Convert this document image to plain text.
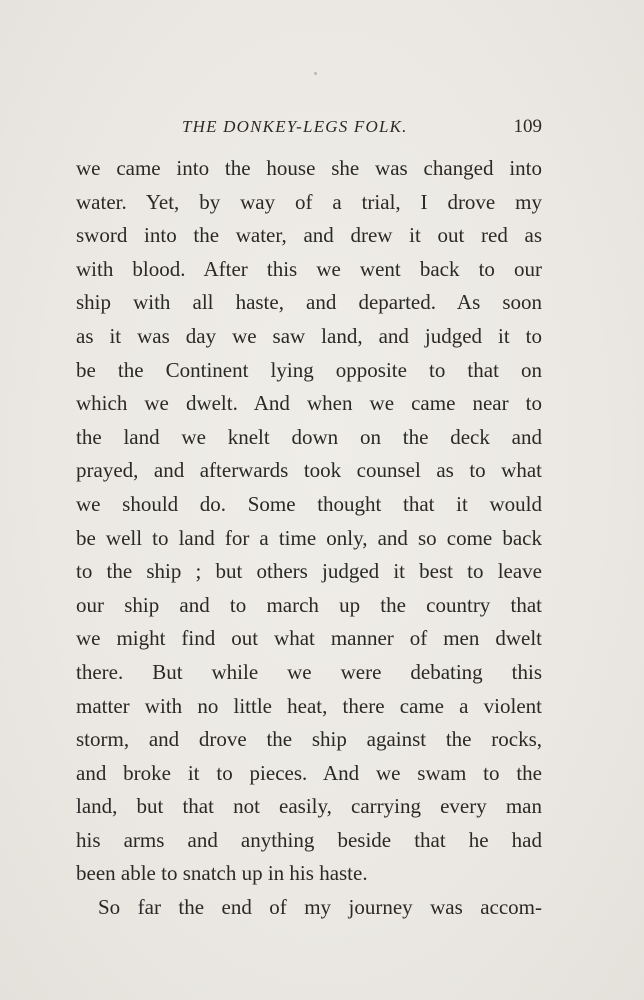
THE DONKEY-LEGS FOLK.	109
we came into the house she was changed into
water. Yet, by way of a trial, I drove my
sword into the water, and drew it out red as
with blood. After this we went back to our
ship with all haste, and departed. As soon
as it was day we saw land, and judged it to
be the Continent lying opposite to that on
which we dwelt. And when we came near to
the land we knelt down on the deck and
prayed, and afterwards took counsel as to what
we should do. Some thought that it would
be well to land for a time only, and so come back
to the ship ; but others judged it best to leave
our ship and to march up the country that
we might find out what manner of men dwelt
there. But while we were debating this
matter with no little heat, there came a violent
storm, and drove the ship against the rocks,
and broke it to pieces. And we swam to the
land, but that not easily, carrying every man
his arms and anything beside that he had
been able to snatch up in his haste.
So far the end of my journey was accom-
